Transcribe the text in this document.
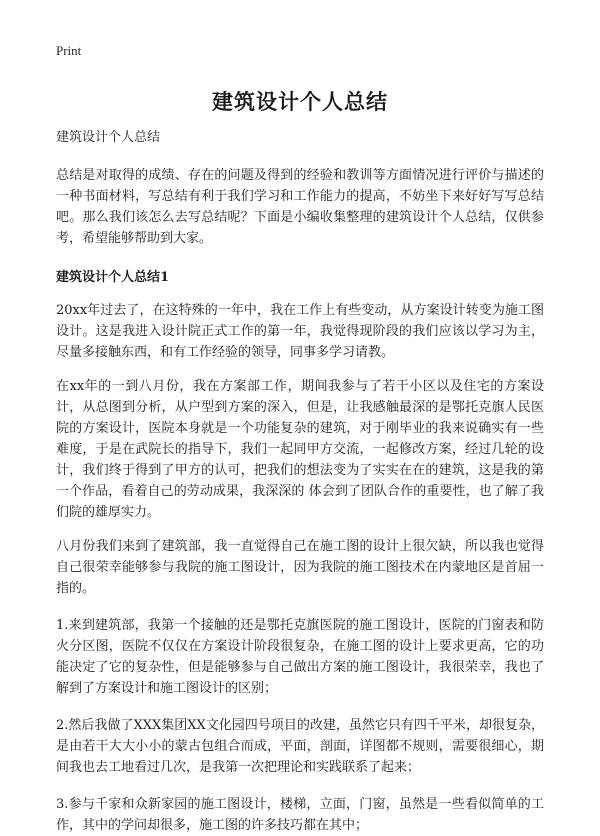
Print
建筑设计个人总结
建筑设计个人总结

总结是对取得的成绩、存在的问题及得到的经验和教训等方面情况进行评价与描述的一种书面材料，写总结有利于我们学习和工作能力的提高，不妨坐下来好好写写总结吧。那么我们该怎么去写总结呢？下面是小编收集整理的建筑设计个人总结，仅供参考，希望能够帮助到大家。

建筑设计个人总结1

20xx年过去了，在这特殊的一年中，我在工作上有些变动，从方案设计转变为施工图设计。这是我进入设计院正式工作的第一年，我觉得现阶段的我们应该以学习为主，尽量多接触东西，和有工作经验的领导，同事多学习请教。

在xx年的一到八月份，我在方案部工作，期间我参与了若干小区以及住宅的方案设计，从总图到分析，从户型到方案的深入，但是，让我感触最深的是鄂托克旗人民医院的方案设计，医院本身就是一个功能复杂的建筑，对于刚毕业的我来说确实有一些难度，于是在武院长的指导下，我们一起同甲方交流，一起修改方案，经过几轮的设计，我们终于得到了甲方的认可，把我们的想法变为了实实在在的建筑，这是我的第一个作品，看着自己的劳动成果，我深深的 体会到了团队合作的重要性，也了解了我们院的雄厚实力。

八月份我们来到了建筑部，我一直觉得自己在施工图的设计上很欠缺，所以我也觉得自己很荣幸能够参与我院的施工图设计，因为我院的施工图技术在内蒙地区是首屈一指的。

1.来到建筑部，我第一个接触的还是鄂托克旗医院的施工图设计，医院的门窗表和防火分区图，医院不仅仅在方案设计阶段很复杂，在施工图的设计上要求更高，它的功能决定了它的复杂性，但是能够参与自己做出方案的施工图设计，我很荣幸，我也了解到了方案设计和施工图设计的区别；

2.然后我做了XXX集团XX文化园四号项目的改建，虽然它只有四千平米，却很复杂，是由若干大大小小的蒙古包组合而成，平面，剖面，详图都不规则，需要很细心，期间我也去工地看过几次，是我第一次把理论和实践联系了起来；

3.参与千家和众新家园的施工图设计，楼梯，立面，门窗，虽然是一些看似简单的工作，其中的学问却很多，施工图的许多技巧都在其中；
